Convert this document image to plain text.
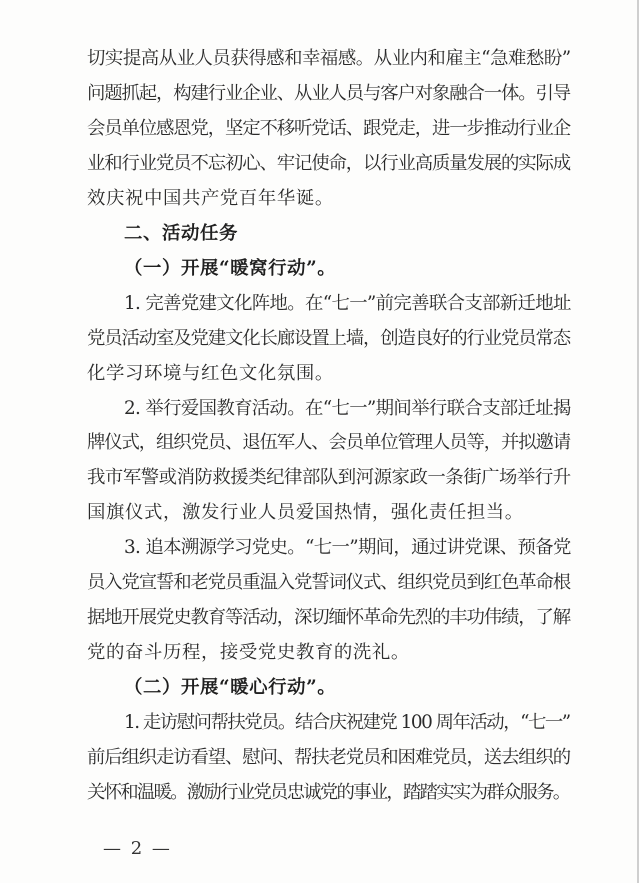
切实提高从业人员获得感和幸福感。从业内和雇主“急难愁盼”
问题抓起，构建行业企业、从业人员与客户对象融合一体。引导
会员单位感恩党，坚定不移听党话、跟党走，进一步推动行业企
业和行业党员不忘初心、牢记使命，以行业高质量发展的实际成
效庆祝中国共产党百年华诞。
二、活动任务
（一）开展“暖窝行动”。
1. 完善党建文化阵地。在“七一”前完善联合支部新迁地址
党员活动室及党建文化长廊设置上墙，创造良好的行业党员常态
化学习环境与红色文化氛围。
2. 举行爱国教育活动。在“七一”期间举行联合支部迁址揭
牌仪式，组织党员、退伍军人、会员单位管理人员等，并拟邀请
我市军警或消防救援类纪律部队到河源家政一条街广场举行升
国旗仪式，激发行业人员爱国热情，强化责任担当。
3. 追本溯源学习党史。“七一”期间，通过讲党课、预备党
员入党宣誓和老党员重温入党誓词仪式、组织党员到红色革命根
据地开展党史教育等活动，深切缅怀革命先烈的丰功伟绩，了解
党的奋斗历程，接受党史教育的洗礼。
（二）开展“暖心行动”。
1. 走访慰问帮扶党员。结合庆祝建党 100 周年活动，“七一”
前后组织走访看望、慰问、帮扶老党员和困难党员，送去组织的
关怀和温暖。激励行业党员忠诚党的事业，踏踏实实为群众服务。
— 2 —
